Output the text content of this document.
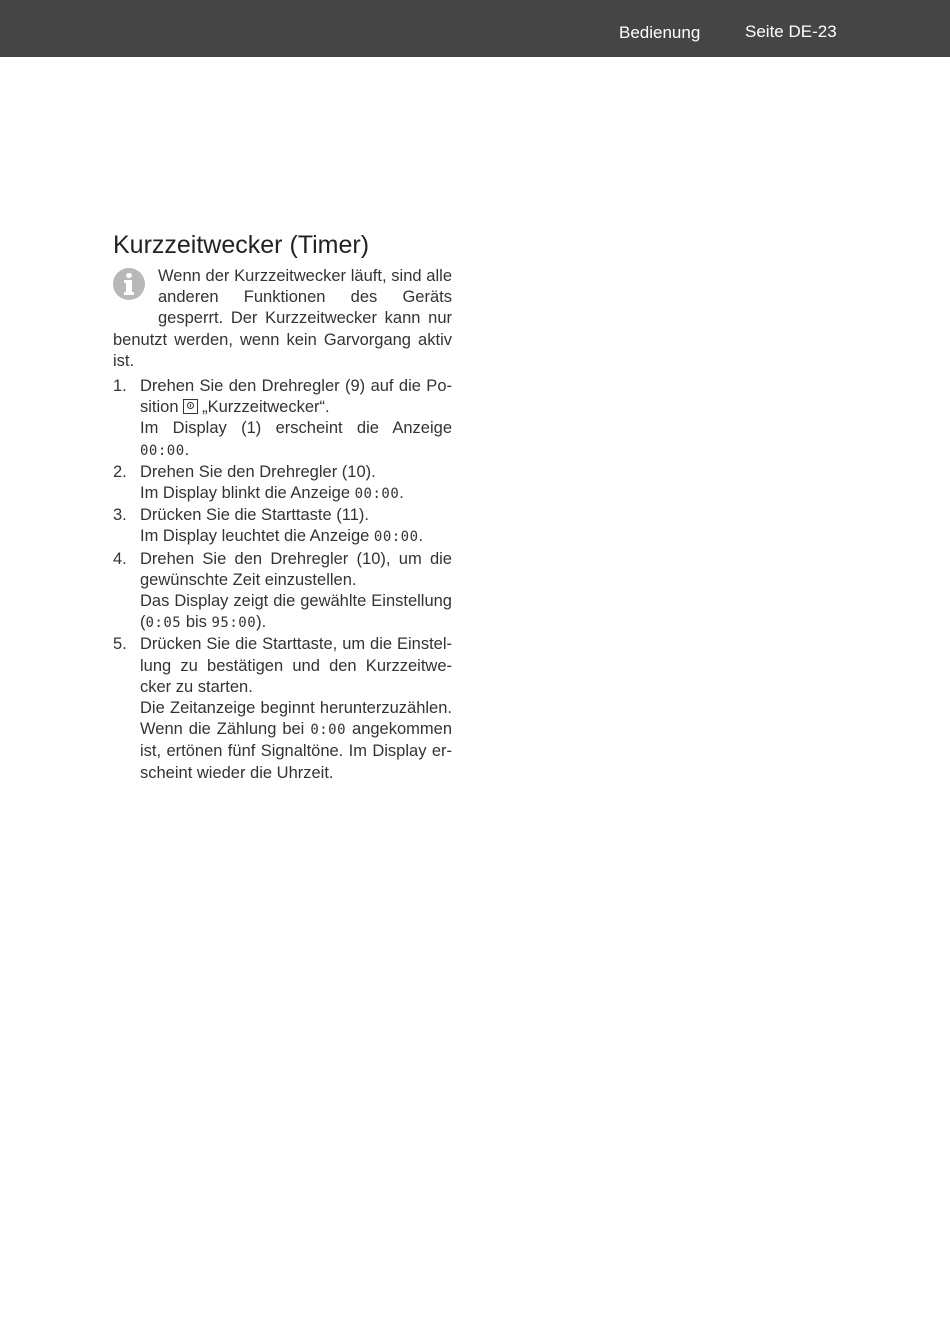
Bedienung	Seite DE-23
Kurzzeitwecker (Timer)
Wenn der Kurzzeitwecker läuft, sind alle anderen Funktionen des Geräts gesperrt. Der Kurzzeitwecker kann nur benutzt werden, wenn kein Garvorgang aktiv ist.
1. Drehen Sie den Drehregler (9) auf die Po-sition „Kurzzeitwecker“.
Im Display (1) erscheint die Anzeige 00:00.
2. Drehen Sie den Drehregler (10).
Im Display blinkt die Anzeige 00:00.
3. Drücken Sie die Starttaste (11).
Im Display leuchtet die Anzeige 00:00.
4. Drehen Sie den Drehregler (10), um die gewünschte Zeit einzustellen.
Das Display zeigt die gewählte Einstellung (0:05 bis 95:00).
5. Drücken Sie die Starttaste, um die Einstel-lung zu bestätigen und den Kurzzeitwe-cker zu starten.
Die Zeitanzeige beginnt herunterzuzählen. Wenn die Zählung bei 0:00 angekommen ist, ertönen fünf Signaltöne. Im Display er-scheint wieder die Uhrzeit.
